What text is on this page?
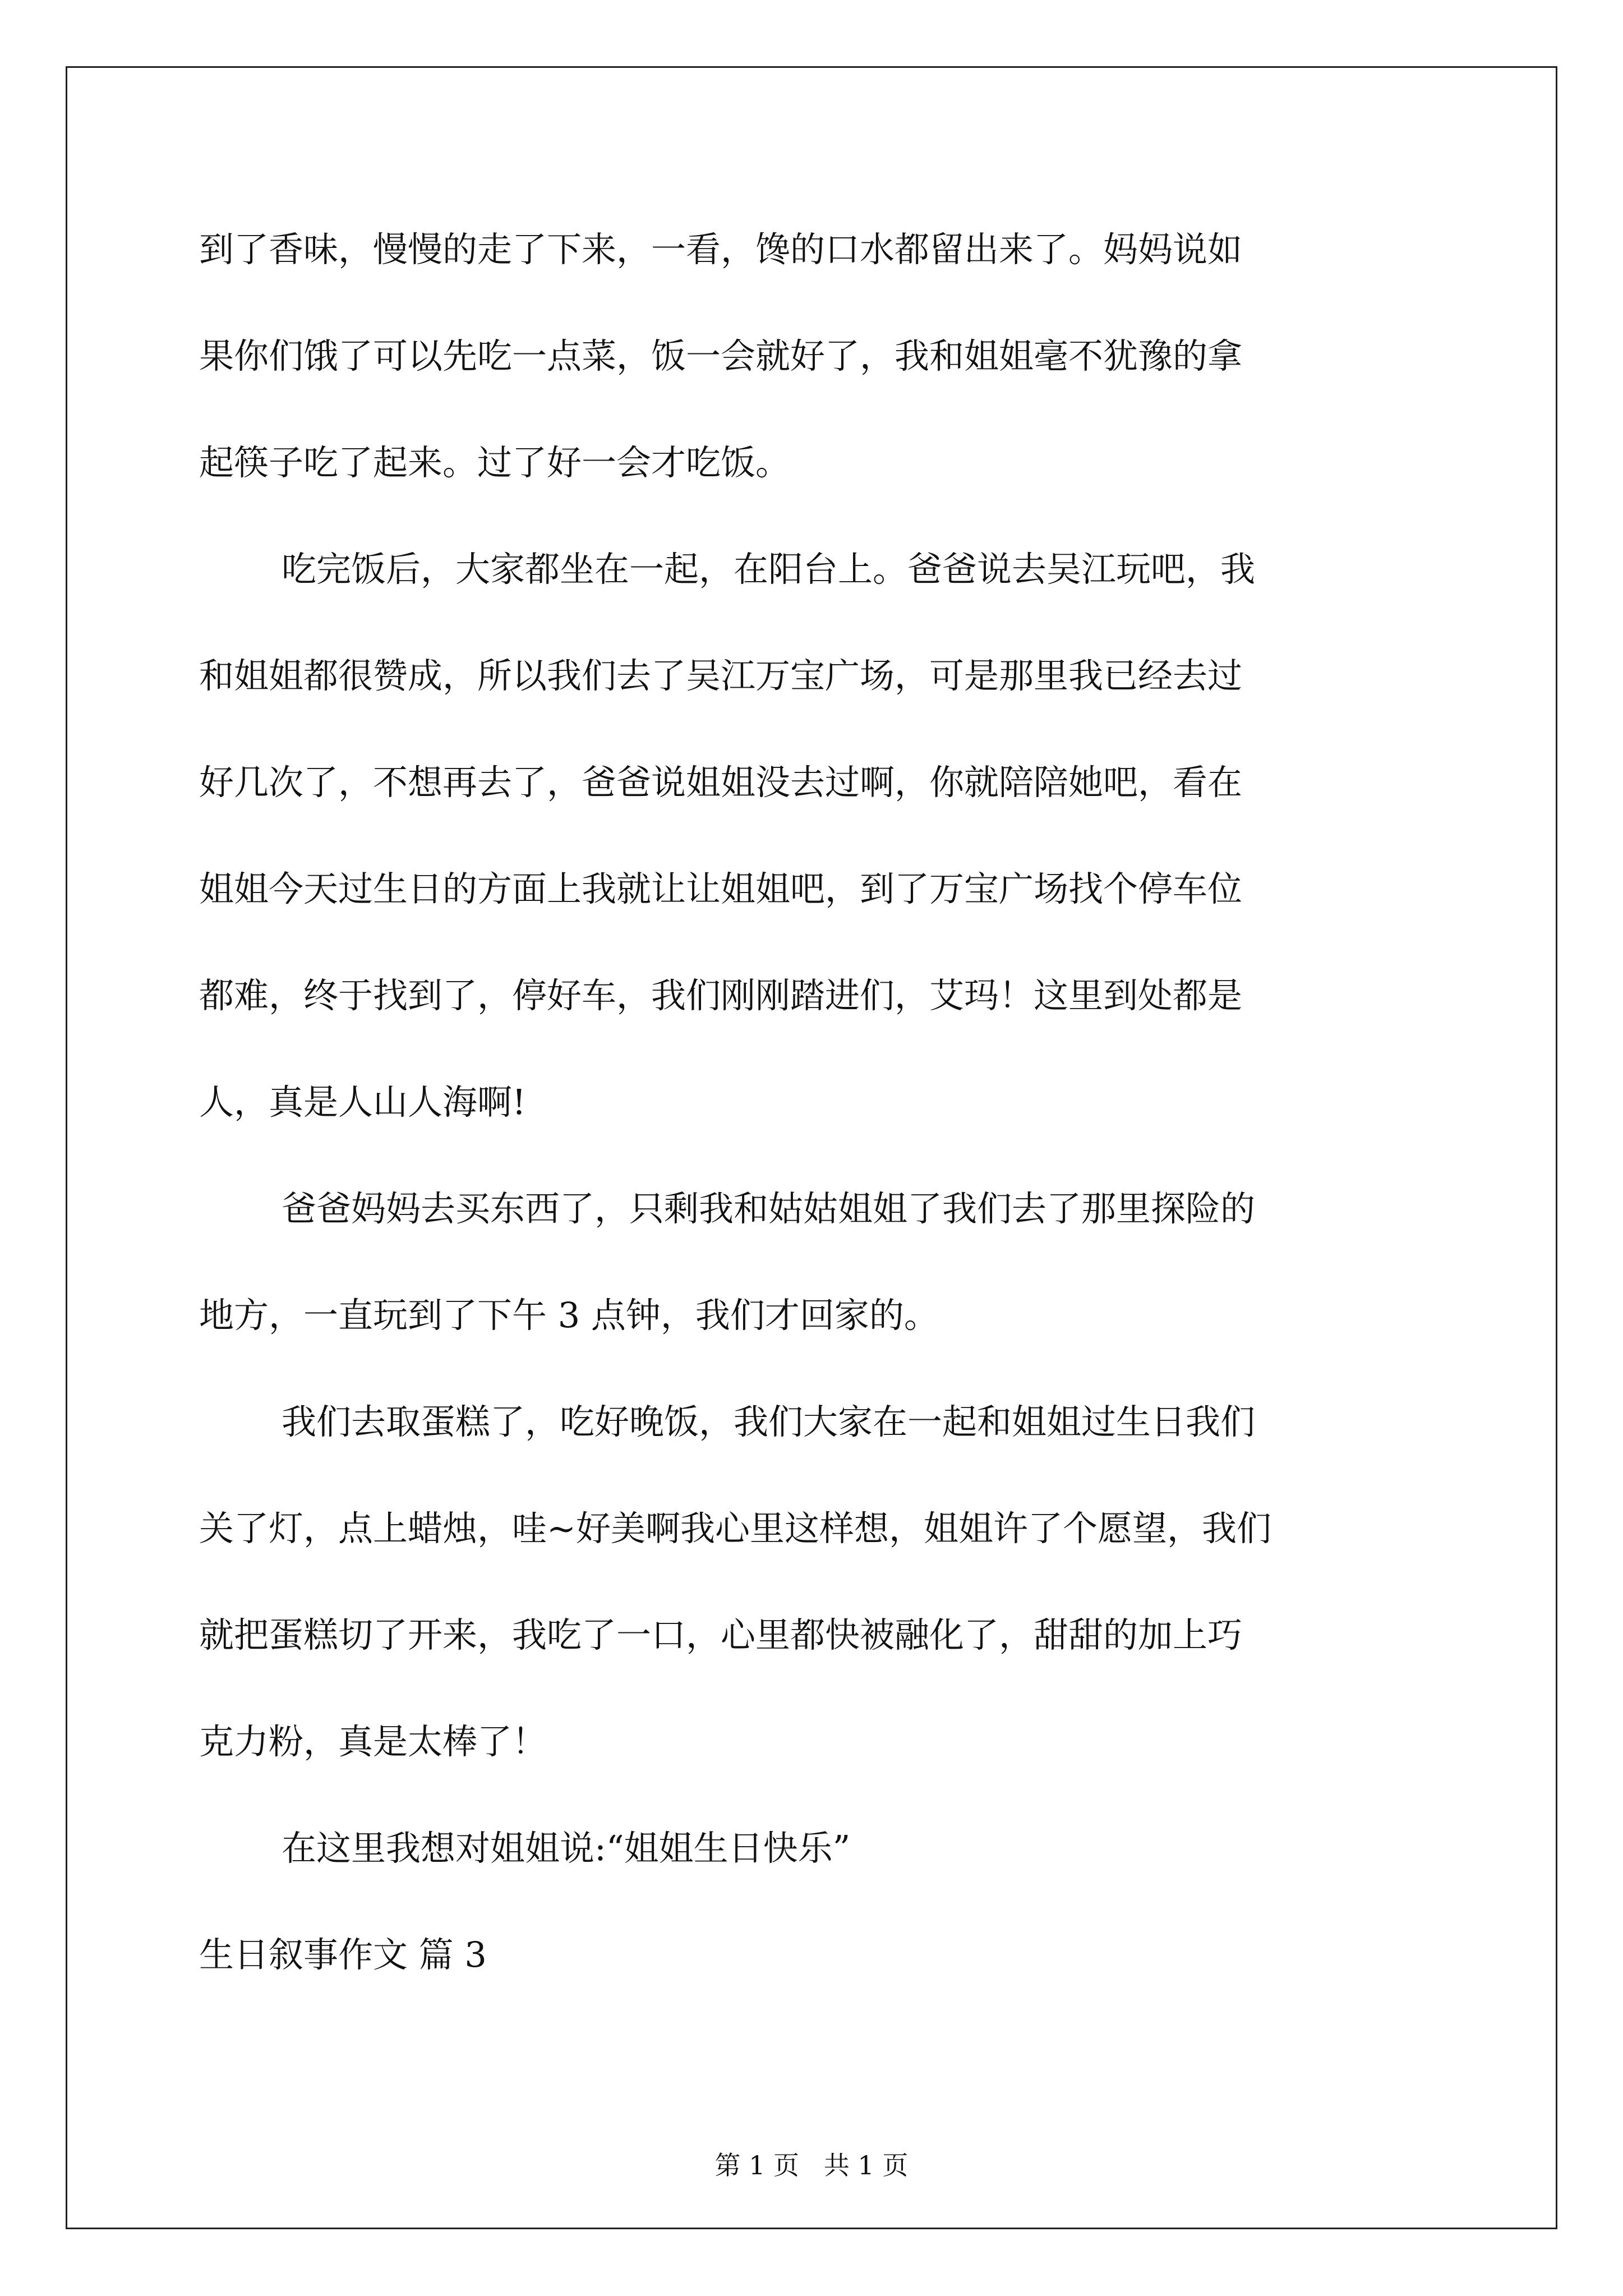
到了香味，慢慢的走了下来，一看，馋的口水都留出来了。妈妈说如
果你们饿了可以先吃一点菜，饭一会就好了，我和姐姐毫不犹豫的拿
起筷子吃了起来。过了好一会才吃饭。
吃完饭后，大家都坐在一起，在阳台上。爸爸说去吴江玩吧，我
和姐姐都很赞成，所以我们去了吴江万宝广场，可是那里我已经去过
好几次了，不想再去了，爸爸说姐姐没去过啊，你就陪陪她吧，看在
姐姐今天过生日的方面上我就让让姐姐吧，到了万宝广场找个停车位
都难，终于找到了，停好车，我们刚刚踏进们，艾玛！这里到处都是
人，真是人山人海啊!
爸爸妈妈去买东西了，只剩我和姑姑姐姐了我们去了那里探险的
地方，一直玩到了下午 3 点钟，我们才回家的。
我们去取蛋糕了，吃好晚饭，我们大家在一起和姐姐过生日我们
关了灯，点上蜡烛，哇~好美啊我心里这样想，姐姐许了个愿望，我们
就把蛋糕切了开来，我吃了一口，心里都快被融化了，甜甜的加上巧
克力粉，真是太棒了！
在这里我想对姐姐说:“姐姐生日快乐”
生日叙事作文 篇 3
第 1 页   共 1 页
